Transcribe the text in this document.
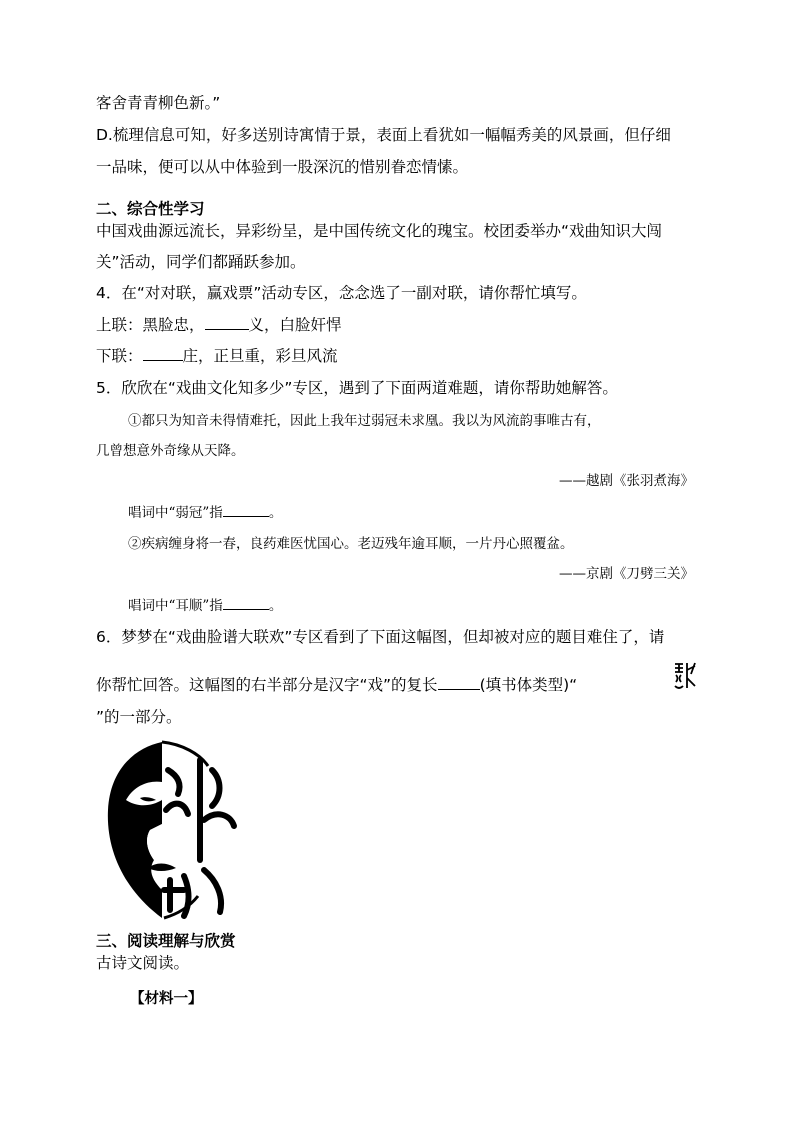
客舍青青柳色新。”
D.梳理信息可知，好多送别诗寓情于景，表面上看犹如一幅幅秀美的风景画，但仔细
一品味，便可以从中体验到一股深沉的惜别眷恋情愫。
二、综合性学习
中国戏曲源远流长，异彩纷呈，是中国传统文化的瑰宝。校团委举办“戏曲知识大闯
关”活动，同学们都踊跃参加。
4．在“对对联，赢戏票”活动专区，念念选了一副对联，请你帮忙填写。
上联：黑脸忠，	义，白脸奸悍
下联：	庄，正旦重，彩旦风流
5．欣欣在“戏曲文化知多少”专区，遇到了下面两道难题，请你帮助她解答。
①都只为知音未得情难托，因此上我年过弱冠未求凰。我以为风流韵事唯古有，
几曾想意外奇缘从天降。
——越剧《张羽煮海》
唱词中“弱冠”指	。
②疾病缠身将一春，良药难医忧国心。老迈残年逾耳顺，一片丹心照覆盆。
——京剧《刀劈三关》
唱词中“耳顺”指	。
6．梦梦在“戏曲脸谱大联欢”专区看到了下面这幅图，但却被对应的题目难住了，请
你帮忙回答。这幅图的右半部分是汉字“戏”的复长	(填书体类型)“
”的一部分。
三、阅读理解与欣赏
古诗文阅读。
【材料一】
